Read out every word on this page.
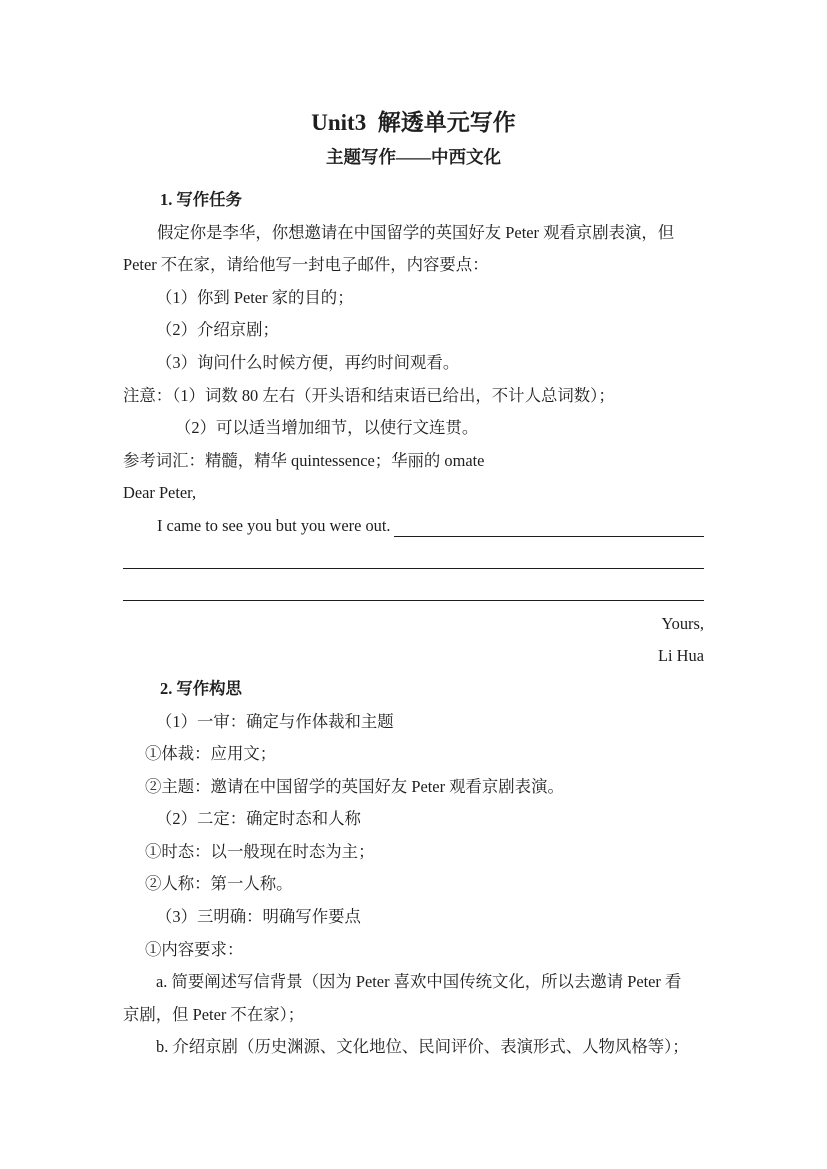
Unit3  解透单元写作
主题写作——中西文化
1. 写作任务
假定你是李华，你想邀请在中国留学的英国好友 Peter 观看京剧表演，但
Peter 不在家，请给他写一封电子邮件，内容要点：
（1）你到 Peter 家的目的；
（2）介绍京剧；
（3）询问什么时候方便，再约时间观看。
注意：（1）词数 80 左右（开头语和结束语已给出，不计人总词数）；
（2）可以适当增加细节，以使行文连贯。
参考词汇：精髓，精华 quintessence；华丽的 omate
Dear Peter,
I came to see you but you were out.
Yours,
Li Hua
2. 写作构思
（1）一审：确定与作体裁和主题
①体裁：应用文；
②主题：邀请在中国留学的英国好友 Peter 观看京剧表演。
（2）二定：确定时态和人称
①时态：以一般现在时态为主；
②人称：第一人称。
（3）三明确：明确写作要点
①内容要求：
a. 简要阐述写信背景（因为 Peter 喜欢中国传统文化，所以去邀请 Peter 看
京剧，但 Peter 不在家）；
b. 介绍京剧（历史渊源、文化地位、民间评价、表演形式、人物风格等）；
